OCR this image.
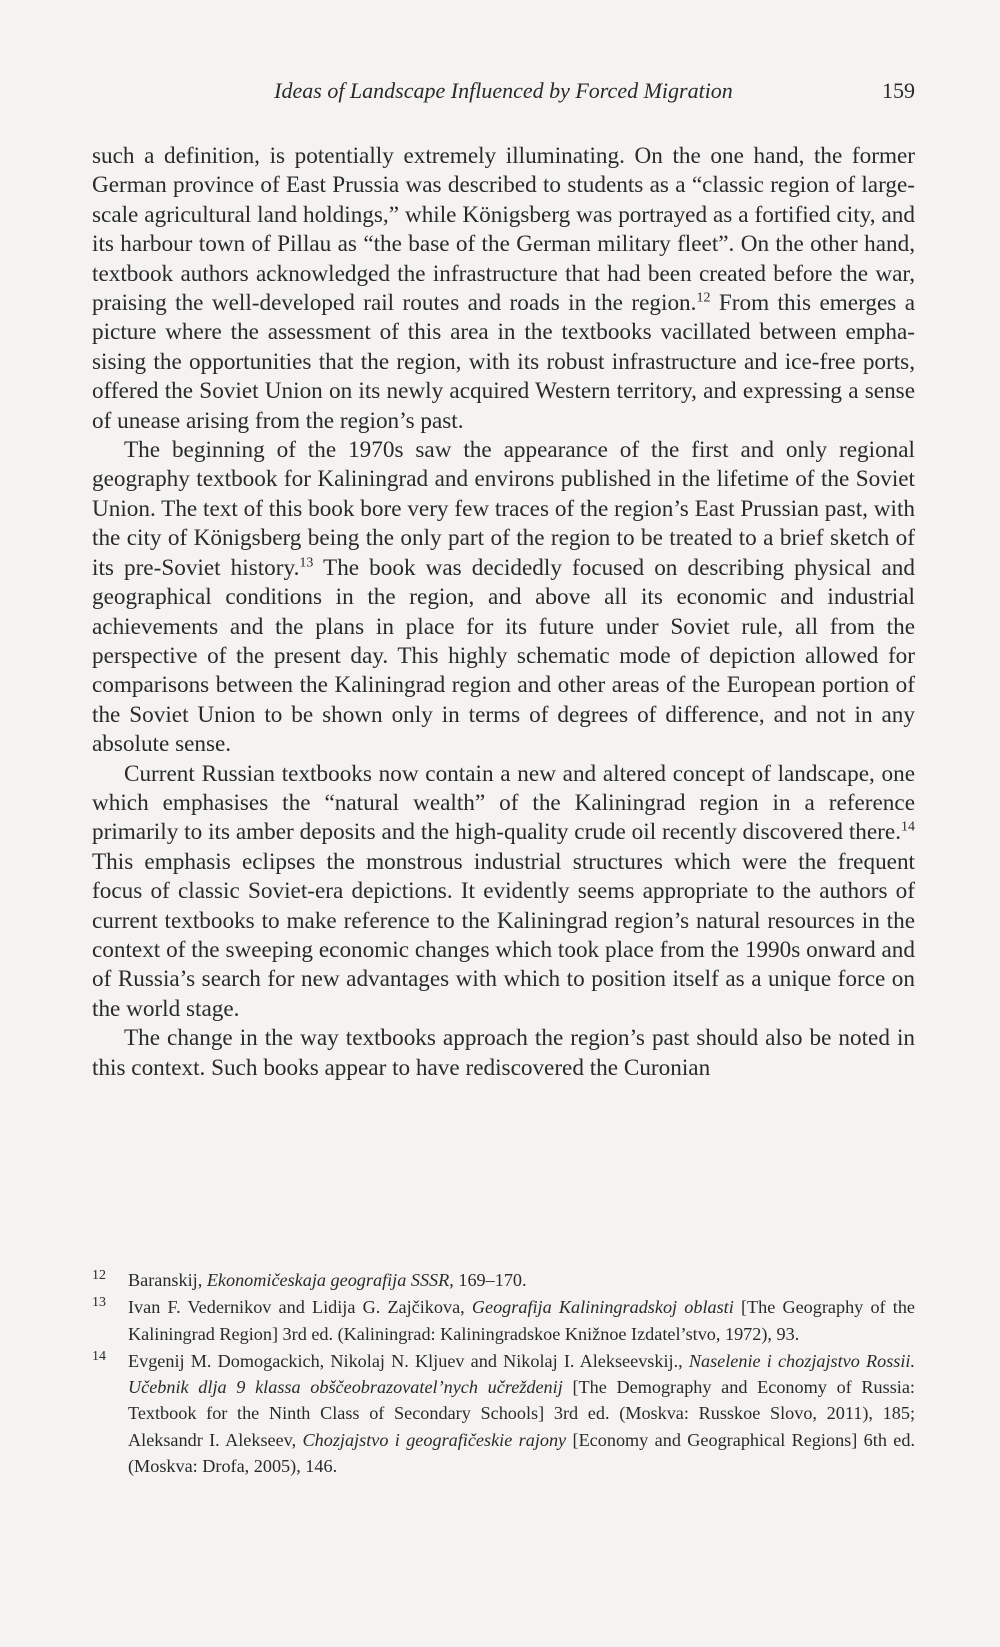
Ideas of Landscape Influenced by Forced Migration	159

such a definition, is potentially extremely illuminating. On the one hand, the former German province of East Prussia was described to students as a “classic region of large-scale agricultural land holdings,” while Königsberg was portrayed as a fortified city, and its harbour town of Pillau as “the base of the German military fleet”. On the other hand, textbook authors acknowledged the infrastructure that had been created before the war, praising the well-developed rail routes and roads in the region.$^{12}$ From this emerges a picture where the assessment of this area in the textbooks vacillated between emphasising the opportunities that the region, with its robust infrastructure and ice-free ports, offered the Soviet Union on its newly acquired Western territory, and expressing a sense of unease arising from the region’s past.

The beginning of the 1970s saw the appearance of the first and only regional geography textbook for Kaliningrad and environs published in the lifetime of the Soviet Union. The text of this book bore very few traces of the region’s East Prussian past, with the city of Königsberg being the only part of the region to be treated to a brief sketch of its pre-Soviet history.$^{13}$ The book was decidedly focused on describing physical and geographical conditions in the region, and above all its economic and industrial achievements and the plans in place for its future under Soviet rule, all from the perspective of the present day. This highly schematic mode of depiction allowed for comparisons between the Kaliningrad region and other areas of the European portion of the Soviet Union to be shown only in terms of degrees of difference, and not in any absolute sense.

Current Russian textbooks now contain a new and altered concept of landscape, one which emphasises the “natural wealth” of the Kaliningrad region in a reference primarily to its amber deposits and the high-quality crude oil recently discovered there.$^{14}$ This emphasis eclipses the monstrous industrial structures which were the frequent focus of classic Soviet-era depictions. It evidently seems appropriate to the authors of current textbooks to make reference to the Kaliningrad region’s natural resources in the context of the sweeping economic changes which took place from the 1990s onward and of Russia’s search for new advantages with which to position itself as a unique force on the world stage.

The change in the way textbooks approach the region’s past should also be noted in this context. Such books appear to have rediscovered the Curonian

12 Baranskij, Ekonomičeskaja geografija SSSR, 169–170.

13 Ivan F. Vedernikov and Lidija G. Zajčikova, Geografija Kaliningradskoj oblasti [The Geography of the Kaliningrad Region] 3rd ed. (Kaliningrad: Kaliningradskoe Knižnoe Izdatel’stvo, 1972), 93.

14 Evgenij M. Domogackich, Nikolaj N. Kljuev and Nikolaj I. Alekseevskij., Naselenie i chozjajstvo Rossii. Učebnik dlja 9 klassa obščeobrazovatel’nych učreždenij [The Demography and Economy of Russia: Textbook for the Ninth Class of Secondary Schools] 3rd ed. (Moskva: Russkoe Slovo, 2011), 185; Aleksandr I. Alekseev, Chozjajstvo i geografičeskie rajony [Economy and Geographical Regions] 6th ed. (Moskva: Drofa, 2005), 146.
